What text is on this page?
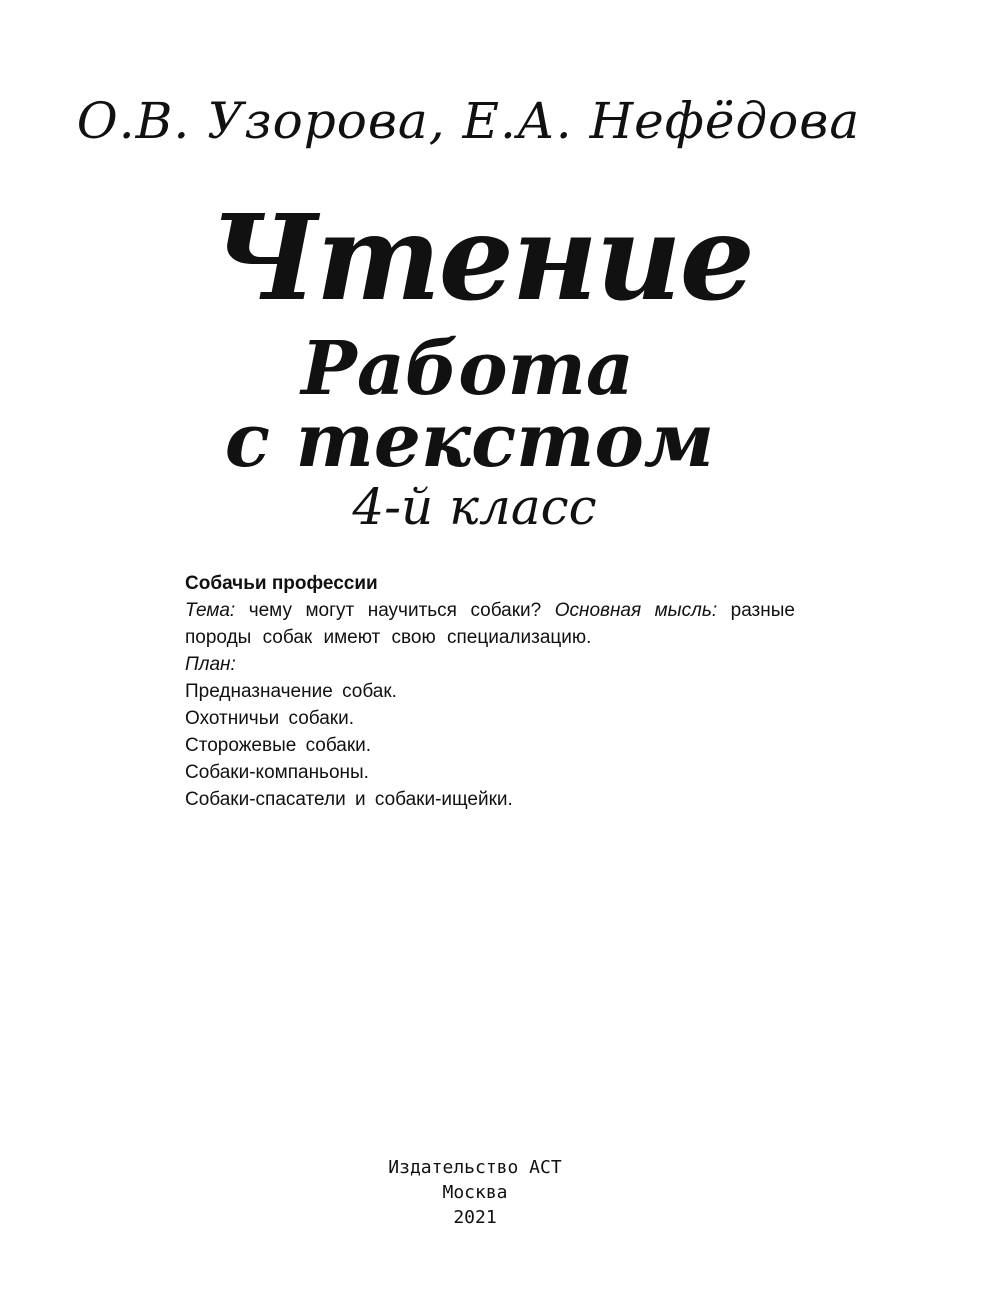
О.В. Узорова, Е.А. Нефёдова
Чтение
Работа
с текстом
4-й класс
Собачьи профессии
Тема: чему могут научиться собаки? Основная мысль: разные породы собак имеют свою специализацию.
План:
Предназначение собак.
Охотничьи собаки.
Сторожевые собаки.
Собаки-компаньоны.
Собаки-спасатели и собаки-ищейки.
Издательство АСТ
Москва
2021
